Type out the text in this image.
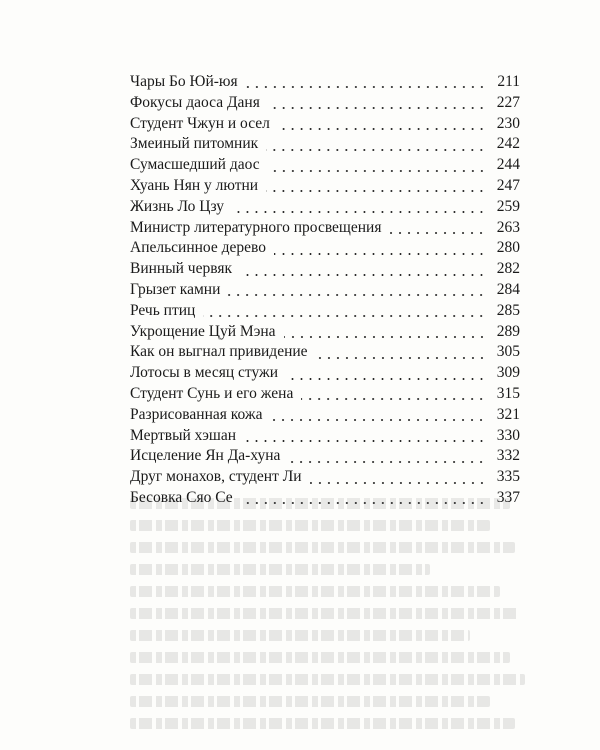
Чары Бо Юй-юя	211
Фокусы даоса Даня	227
Студент Чжун и осел	230
Змеиный питомник	242
Сумасшедший даос	244
Хуань Нян у лютни	247
Жизнь Ло Цзу	259
Министр литературного просвещения	263
Апельсинное дерево	280
Винный червяк	282
Грызет камни	284
Речь птиц	285
Укрощение Цуй Мэна	289
Как он выгнал привидение	305
Лотосы в месяц стужи	309
Студент Сунь и его жена	315
Разрисованная кожа	321
Мертвый хэшан	330
Исцеление Ян Да-хуна	332
Друг монахов, студент Ли	335
Бесовка Сяо Се	337
